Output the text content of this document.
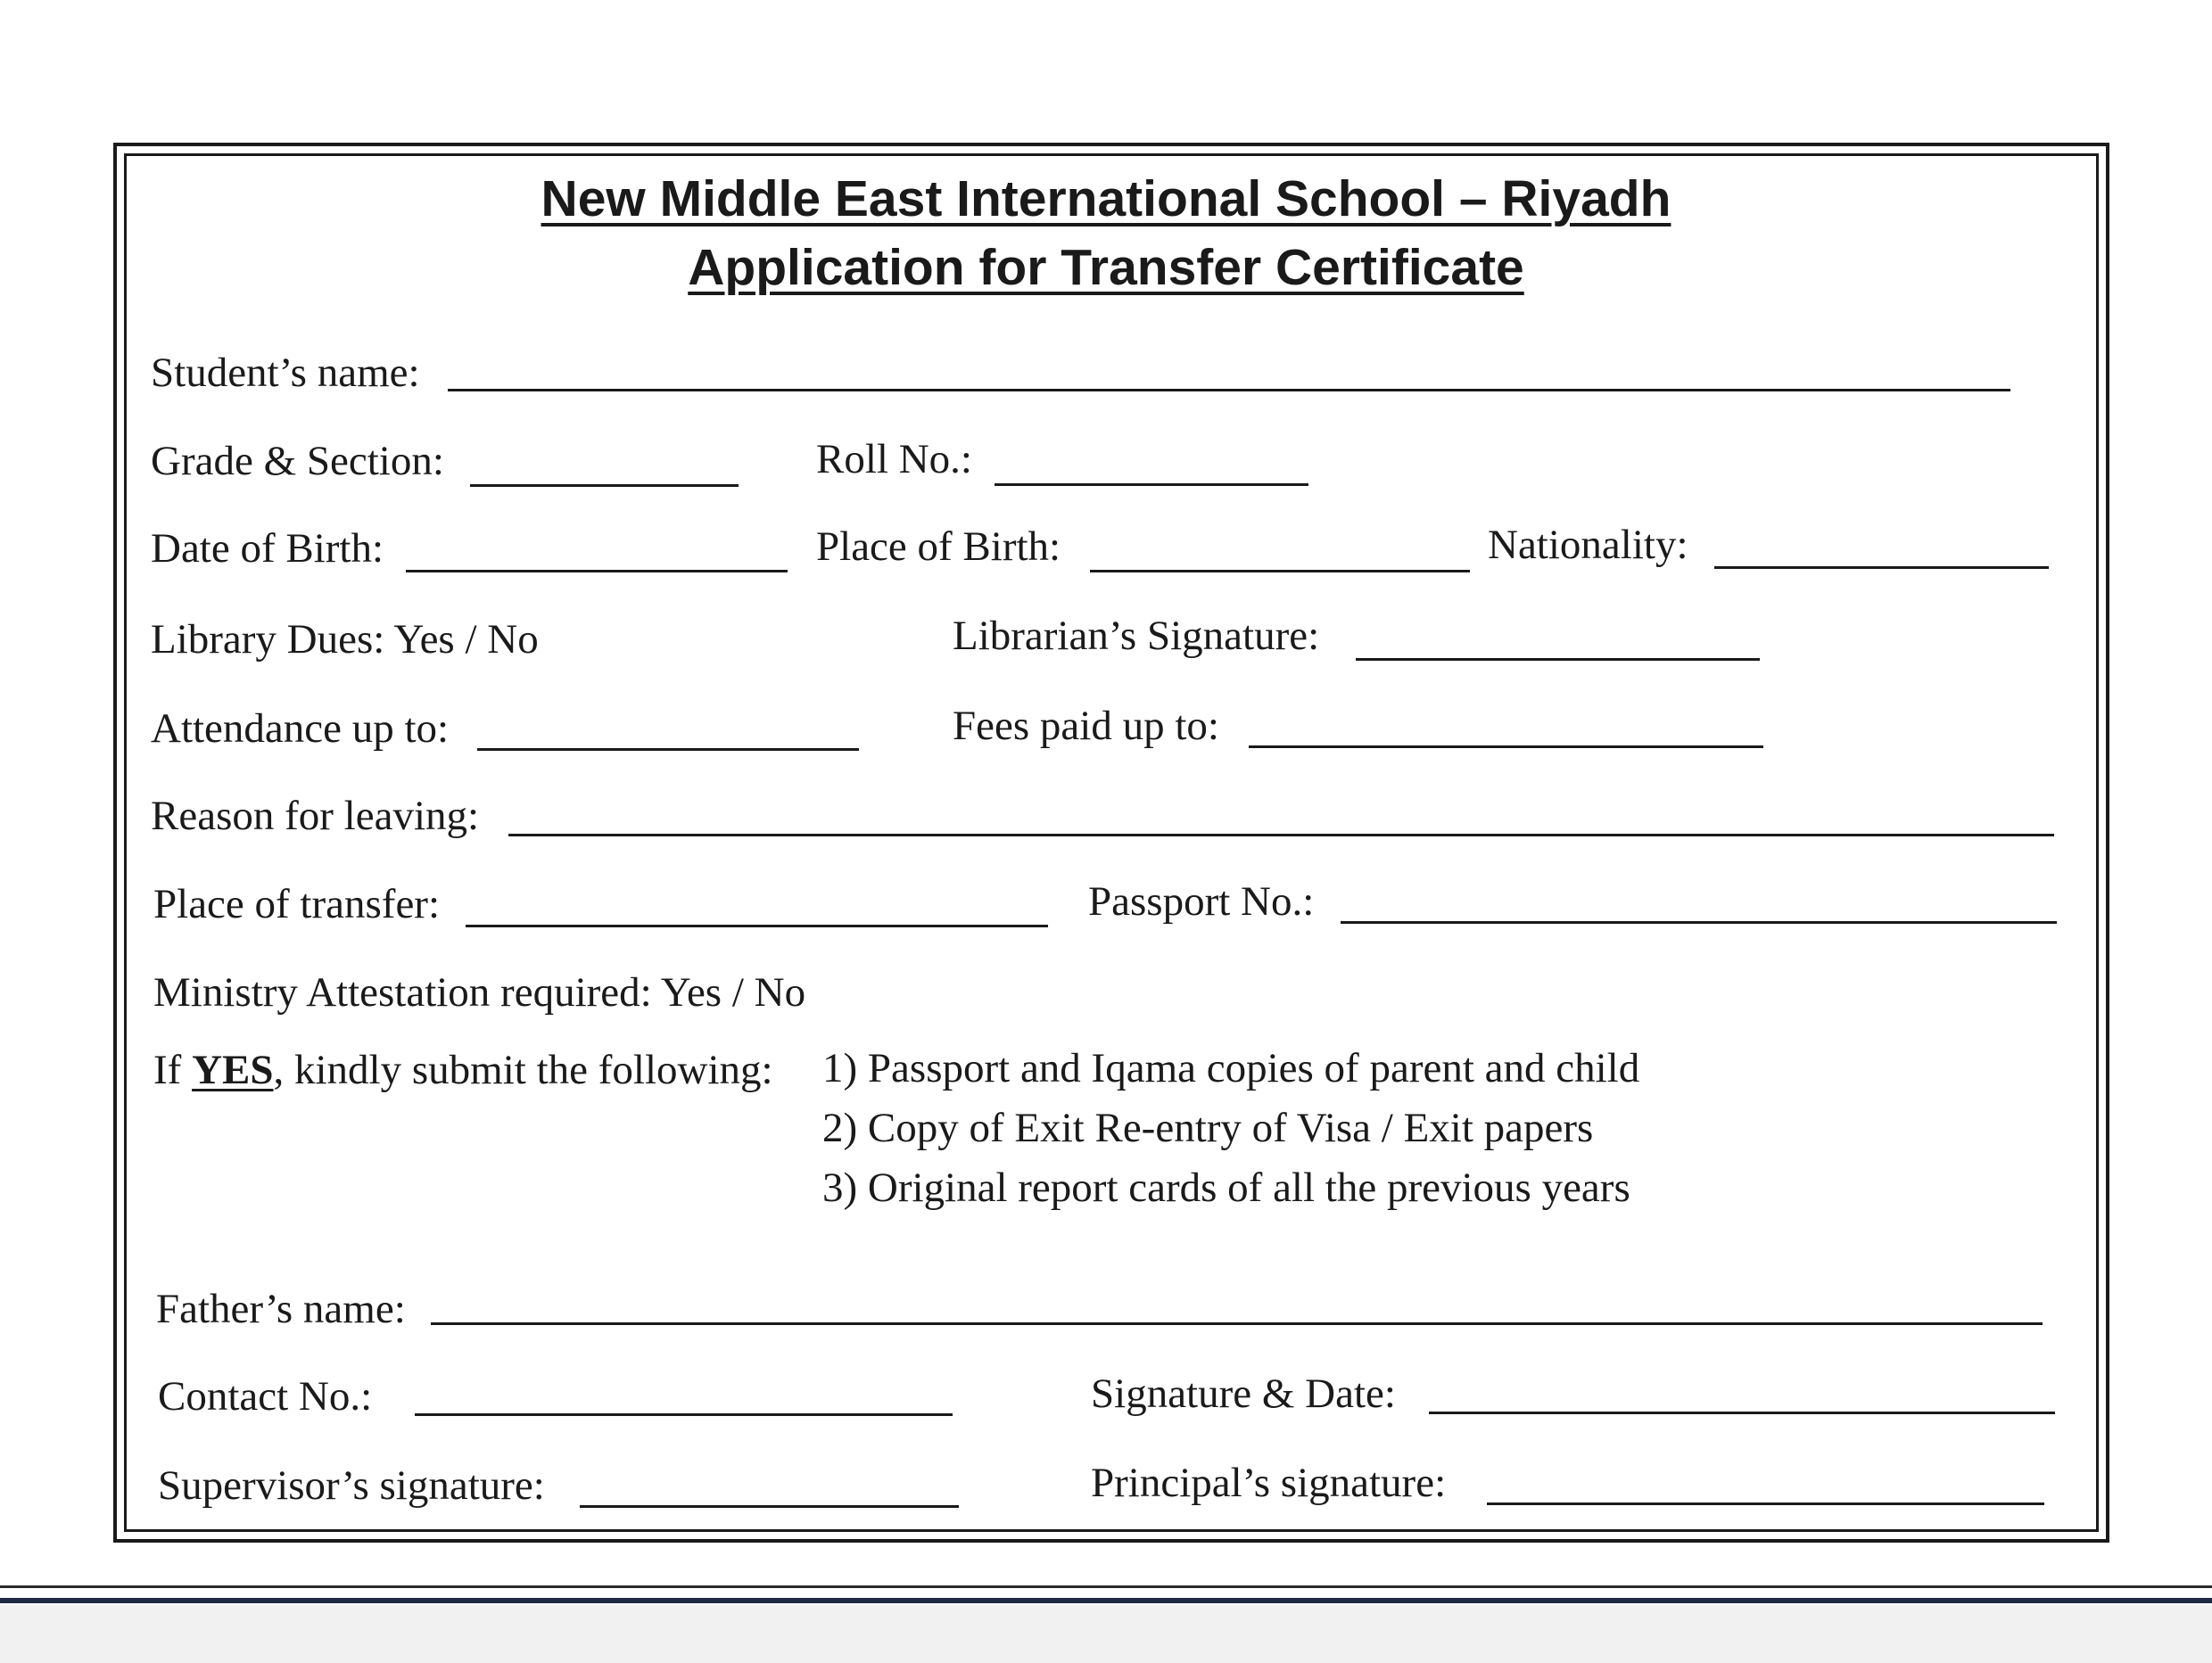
New Middle East International School – Riyadh
Application for Transfer Certificate
Student’s name:
Grade & Section:	Roll No.:
Date of Birth:	Place of Birth:	Nationality:
Library Dues: Yes / No	Librarian’s Signature:
Attendance up to:	Fees paid up to:
Reason for leaving:
Place of transfer:	Passport No.:
Ministry Attestation required: Yes / No
If YES, kindly submit the following: 1) Passport and Iqama copies of parent and child
2) Copy of Exit Re-entry of Visa / Exit papers
3) Original report cards of all the previous years
Father’s name:
Contact No.:	Signature & Date:
Supervisor’s signature:	Principal’s signature:
